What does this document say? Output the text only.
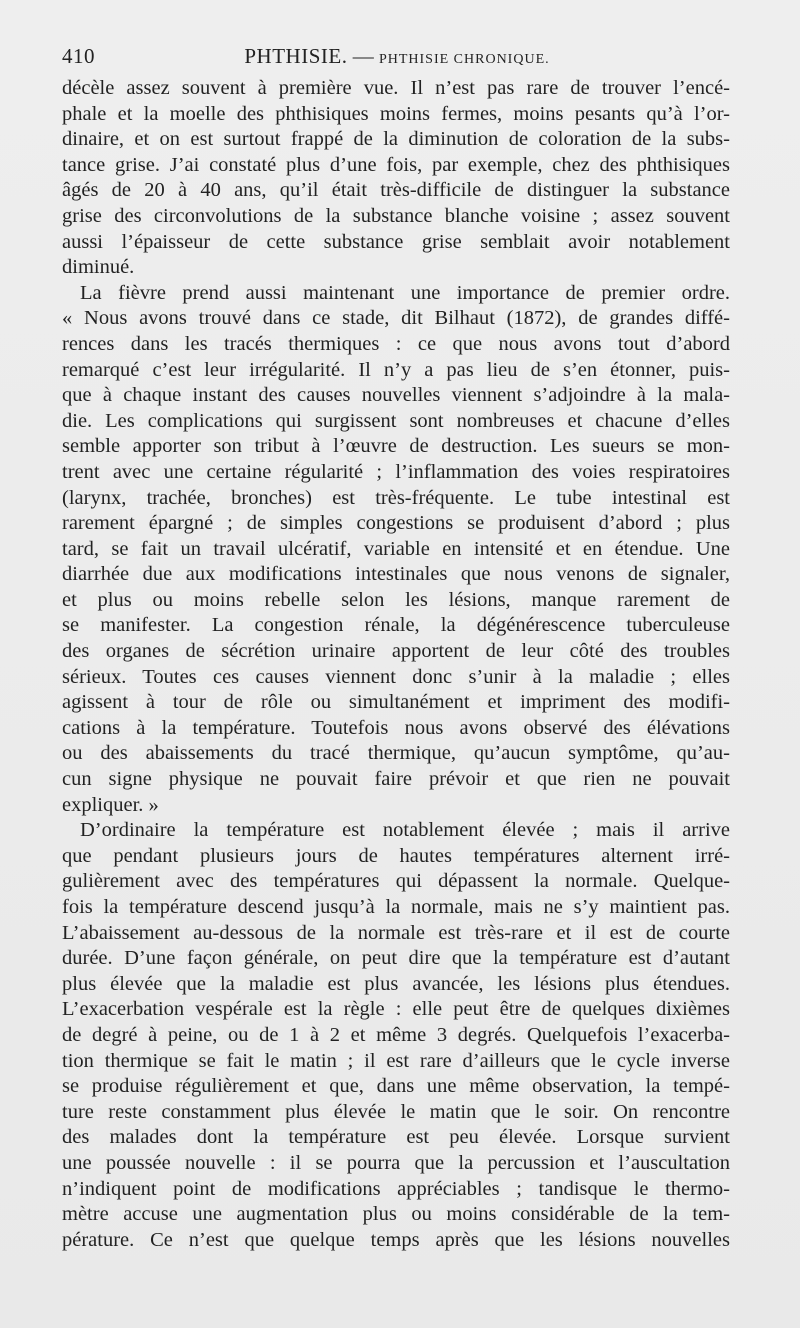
410	PHTHISIE. — PHTHISIE CHRONIQUE.
décèle assez souvent à première vue. Il n’est pas rare de trouver l’encé-
phale et la moelle des phthisiques moins fermes, moins pesants qu’à l’or-
dinaire, et on est surtout frappé de la diminution de coloration de la subs-
tance grise. J’ai constaté plus d’une fois, par exemple, chez des phthisiques
âgés de 20 à 40 ans, qu’il était très-difficile de distinguer la substance
grise des circonvolutions de la substance blanche voisine ; assez souvent
aussi l’épaisseur de cette substance grise semblait avoir notablement
diminué.
La fièvre prend aussi maintenant une importance de premier ordre.
« Nous avons trouvé dans ce stade, dit Bilhaut (1872), de grandes diffé-
rences dans les tracés thermiques : ce que nous avons tout d’abord
remarqué c’est leur irrégularité. Il n’y a pas lieu de s’en étonner, puis-
que à chaque instant des causes nouvelles viennent s’adjoindre à la mala-
die. Les complications qui surgissent sont nombreuses et chacune d’elles
semble apporter son tribut à l’œuvre de destruction. Les sueurs se mon-
trent avec une certaine régularité ; l’inflammation des voies respiratoires
(larynx, trachée, bronches) est très-fréquente. Le tube intestinal est
rarement épargné ; de simples congestions se produisent d’abord ; plus
tard, se fait un travail ulcératif, variable en intensité et en étendue. Une
diarrhée due aux modifications intestinales que nous venons de signaler,
et plus ou moins rebelle selon les lésions, manque rarement de
se manifester. La congestion rénale, la dégénérescence tuberculeuse
des organes de sécrétion urinaire apportent de leur côté des troubles
sérieux. Toutes ces causes viennent donc s’unir à la maladie ; elles
agissent à tour de rôle ou simultanément et impriment des modifi-
cations à la température. Toutefois nous avons observé des élévations
ou des abaissements du tracé thermique, qu’aucun symptôme, qu’au-
cun signe physique ne pouvait faire prévoir et que rien ne pouvait
expliquer. »
D’ordinaire la température est notablement élevée ; mais il arrive
que pendant plusieurs jours de hautes températures alternent irré-
gulièrement avec des températures qui dépassent la normale. Quelque-
fois la température descend jusqu’à la normale, mais ne s’y maintient pas.
L’abaissement au-dessous de la normale est très-rare et il est de courte
durée. D’une façon générale, on peut dire que la température est d’autant
plus élevée que la maladie est plus avancée, les lésions plus étendues.
L’exacerbation vespérale est la règle : elle peut être de quelques dixièmes
de degré à peine, ou de 1 à 2 et même 3 degrés. Quelquefois l’exacerba-
tion thermique se fait le matin ; il est rare d’ailleurs que le cycle inverse
se produise régulièrement et que, dans une même observation, la tempé-
ture reste constamment plus élevée le matin que le soir. On rencontre
des malades dont la température est peu élevée. Lorsque survient
une poussée nouvelle : il se pourra que la percussion et l’auscultation
n’indiquent point de modifications appréciables ; tandisque le thermo-
mètre accuse une augmentation plus ou moins considérable de la tem-
pérature. Ce n’est que quelque temps après que les lésions nouvelles
